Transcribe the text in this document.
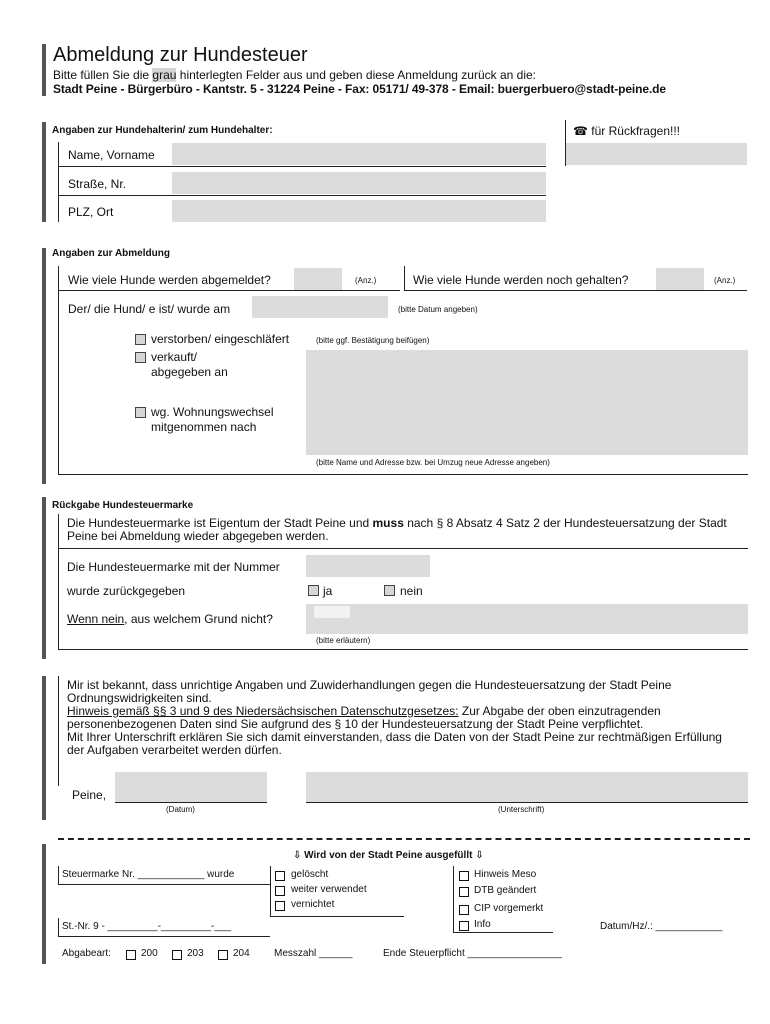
Abmeldung zur Hundesteuer
Bitte füllen Sie die grau hinterlegten Felder aus und geben diese Anmeldung zurück an die:
Stadt Peine - Bürgerbüro - Kantstr. 5 - 31224 Peine - Fax: 05171/ 49-378 - Email: buergerbuero@stadt-peine.de
Angaben zur Hundehalterin/ zum Hundehalter:
Name, Vorname
Straße, Nr.
PLZ, Ort
☎ für Rückfragen!!!
Angaben zur Abmeldung
Wie viele Hunde werden abgemeldet?	(Anz.)	Wie viele Hunde werden noch gehalten?	(Anz.)
Der/ die Hund/ e ist/ wurde am	(bitte Datum angeben)
verstorben/ eingeschläfert	(bitte ggf. Bestätigung beifügen)
verkauft/
abgegeben an
wg. Wohnungswechsel
mitgenommen nach
(bitte Name und Adresse bzw. bei Umzug neue Adresse angeben)
Rückgabe Hundesteuermarke
Die Hundesteuermarke ist Eigentum der Stadt Peine und muss nach § 8 Absatz 4 Satz 2 der Hundesteuersatzung der Stadt Peine bei Abmeldung wieder abgegeben werden.
Die Hundesteuermarke mit der Nummer
wurde zurückgegeben	ja	nein
Wenn nein, aus welchem Grund nicht?
(bitte erläutern)
Mir ist bekannt, dass unrichtige Angaben und Zuwiderhandlungen gegen die Hundesteuersatzung der Stadt Peine Ordnungswidrigkeiten sind.
Hinweis gemäß §§ 3 und 9 des Niedersächsischen Datenschutzgesetzes: Zur Abgabe der oben einzutragenden personenbezogenen Daten sind Sie aufgrund des § 10 der Hundesteuersatzung der Stadt Peine verpflichtet.
Mit Ihrer Unterschrift erklären Sie sich damit einverstanden, dass die Daten von der Stadt Peine zur rechtmäßigen Erfüllung der Aufgaben verarbeitet werden dürfen.
Peine,
(Datum)	(Unterschrift)
⇩ Wird von der Stadt Peine ausgefüllt ⇩
Steuermarke Nr. ____________ wurde	gelöscht
weiter verwendet
vernichtet
Hinweis Meso
DTB geändert
CIP vorgemerkt
Info
St.-Nr. 9 - _________-_________-___	Datum/Hz/.: ____________
Abgabeart:	200	203	204 Messzahl ______	Ende Steuerpflicht _________________
